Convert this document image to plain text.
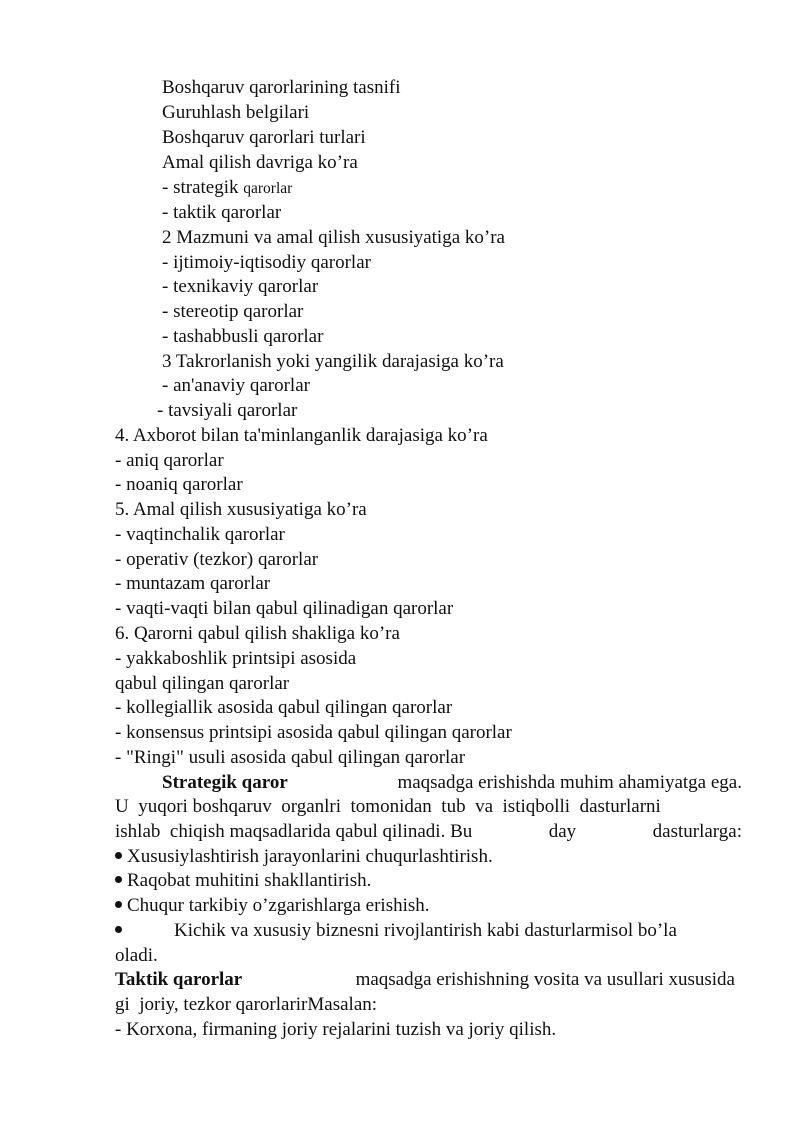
Boshqaruv qarorlarining tasnifi
Guruhlash belgilari
Boshqaruv qarorlari turlari
Amal qilish davriga ko’ra
- strategik qarorlar
- taktik qarorlar
2 Mazmuni va amal qilish xususiyatiga ko’ra
- ijtimoiy-iqtisodiy qarorlar
- texnikaviy qarorlar
- stereotip qarorlar
- tashabbusli qarorlar
3 Takrorlanish yoki yangilik darajasiga ko’ra
- an'anaviy qarorlar
- tavsiyali qarorlar
4. Axborot bilan ta'minlanganlik darajasiga ko’ra
- aniq qarorlar
- noaniq qarorlar
5. Amal qilish xususiyatiga ko’ra
- vaqtinchalik qarorlar
- operativ (tezkor) qarorlar
- muntazam qarorlar
- vaqti-vaqti bilan qabul qilinadigan qarorlar
6. Qarorni qabul qilish shakliga ko’ra
- yakkaboshlik printsipi asosida
qabul qilingan qarorlar
- kollegiallik asosida qabul qilingan qarorlar
- konsensus printsipi asosida qabul qilingan qarorlar
- "Ringi" usuli asosida qabul qilingan qarorlar
Strategik qaror	maqsadga erishishda muhim ahamiyatga ega.
U  yuqori boshqaruv  organlri  tomonidan  tub  va  istiqbolli  dasturlarni
ishlab  chiqish maqsadlarida qabul qilinadi. Bu	day	dasturlarga:
Xususiylashtirish jarayonlarini chuqurlashtirish.
Raqobat muhitini shakllantirish.
Chuqur tarkibiy o’zgarishlarga erishish.
Kichik va xususiy biznesni rivojlantirish kabi dasturlarmisol bo’la
oladi.
Taktik qarorlar	maqsadga erishishning vosita va usullari xususida
gi  joriy, tezkor qarorlarirMasalan:
- Korxona, firmaning joriy rejalarini tuzish va joriy qilish.
